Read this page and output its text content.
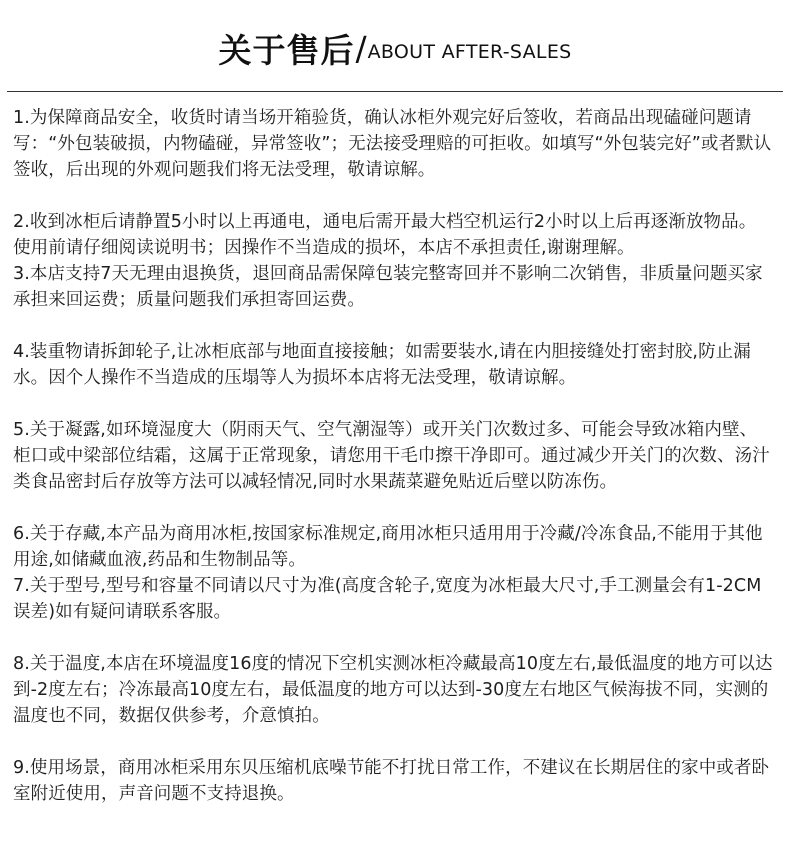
关于售后 / ABOUT AFTER-SALES

1.为保障商品安全，收货时请当场开箱验货，确认冰柜外观完好后签收，若商品出现磕碰问题请写：“外包装破损，内物磕碰，异常签收”；无法接受理赔的可拒收。如填写“外包装完好”或者默认签收，后出现的外观问题我们将无法受理，敬请谅解。

2.收到冰柜后请静置5小时以上再通电，通电后需开最大档空机运行2小时以上后再逐渐放物品。使用前请仔细阅读说明书；因操作不当造成的损坏，本店不承担责任,谢谢理解。

3.本店支持7天无理由退换货，退回商品需保障包装完整寄回并不影响二次销售，非质量问题买家承担来回运费；质量问题我们承担寄回运费。

4.装重物请拆卸轮子,让冰柜底部与地面直接接触；如需要装水,请在内胆接缝处打密封胶,防止漏水。因个人操作不当造成的压塌等人为损坏本店将无法受理，敬请谅解。

5.关于凝露,如环境湿度大（阴雨天气、空气潮湿等）或开关门次数过多、可能会导致冰箱内壁、柜口或中梁部位结霜，这属于正常现象，请您用干毛巾擦干净即可。通过减少开关门的次数、汤汁类食品密封后存放等方法可以减轻情况,同时水果蔬菜避免贴近后壁以防冻伤。

6.关于存藏,本产品为商用冰柜,按国家标准规定,商用冰柜只适用用于冷藏/冷冻食品,不能用于其他用途,如储藏血液,药品和生物制品等。

7.关于型号,型号和容量不同请以尺寸为准(高度含轮子,宽度为冰柜最大尺寸,手工测量会有1-2CM误差)如有疑问请联系客服。

8.关于温度,本店在环境温度16度的情况下空机实测冰柜冷藏最高10度左右,最低温度的地方可以达到-2度左右；冷冻最高10度左右，最低温度的地方可以达到-30度左右地区气候海拔不同，实测的温度也不同，数据仅供参考，介意慎拍。

9.使用场景，商用冰柜采用东贝压缩机底噪节能不打扰日常工作，不建议在长期居住的家中或者卧室附近使用，声音问题不支持退换。
